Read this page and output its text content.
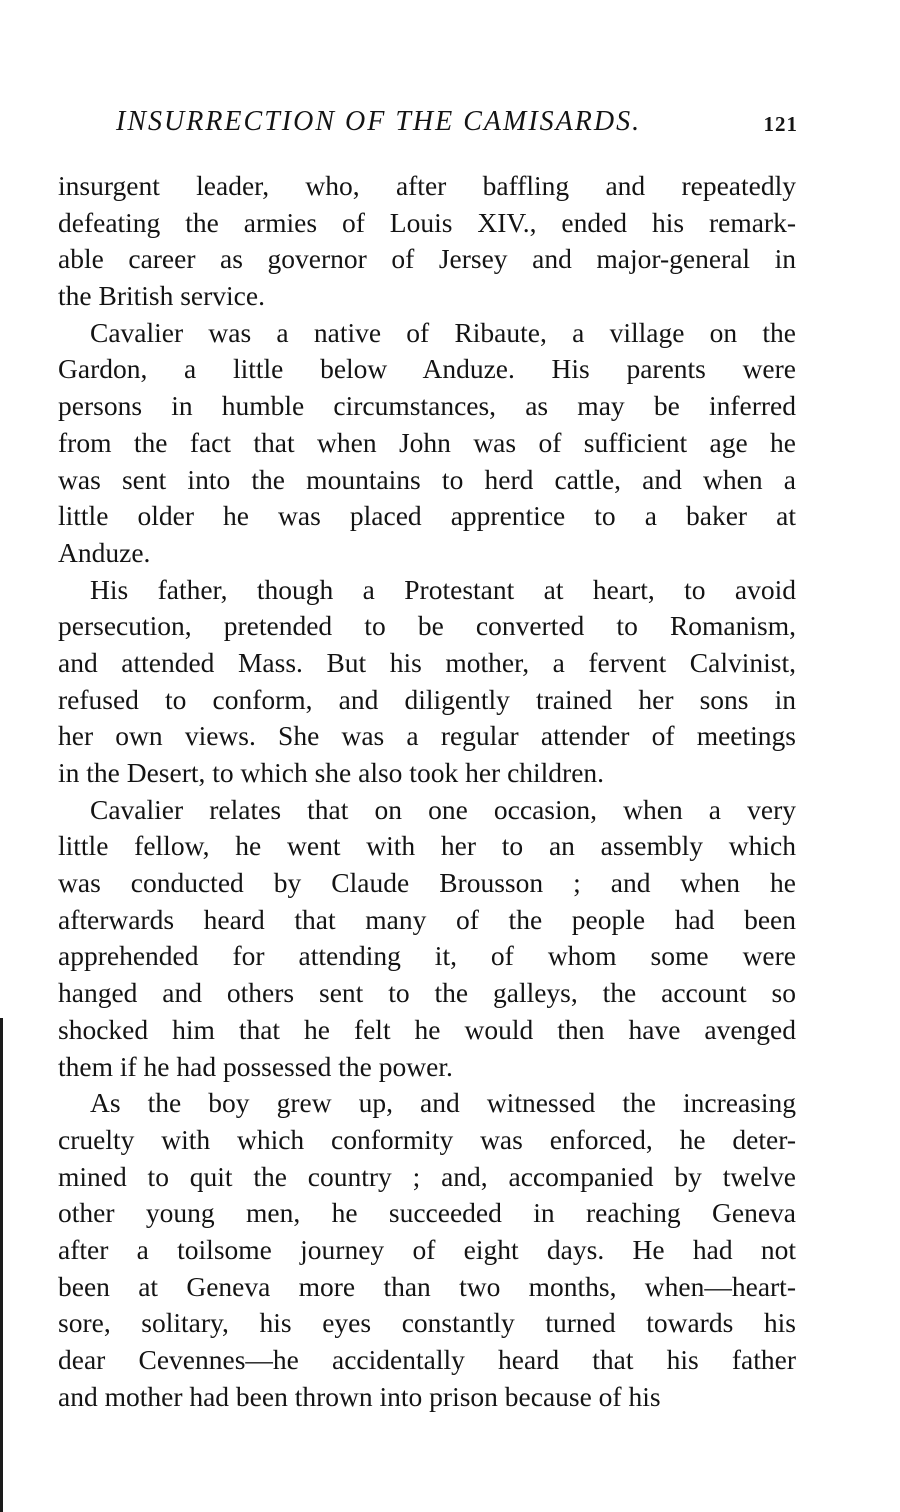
INSURRECTION OF THE CAMISARDS.	121
insurgent leader, who, after baffling and repeatedly
defeating the armies of Louis XIV., ended his remark-
able career as governor of Jersey and major-general in
the British service.
Cavalier was a native of Ribaute, a village on the
Gardon, a little below Anduze. His parents were
persons in humble circumstances, as may be inferred
from the fact that when John was of sufficient age he
was sent into the mountains to herd cattle, and when a
little older he was placed apprentice to a baker at
Anduze.
His father, though a Protestant at heart, to avoid
persecution, pretended to be converted to Romanism,
and attended Mass. But his mother, a fervent Calvinist,
refused to conform, and diligently trained her sons in
her own views. She was a regular attender of meetings
in the Desert, to which she also took her children.
Cavalier relates that on one occasion, when a very
little fellow, he went with her to an assembly which
was conducted by Claude Brousson ; and when he
afterwards heard that many of the people had been
apprehended for attending it, of whom some were
hanged and others sent to the galleys, the account so
shocked him that he felt he would then have avenged
them if he had possessed the power.
As the boy grew up, and witnessed the increasing
cruelty with which conformity was enforced, he deter-
mined to quit the country ; and, accompanied by twelve
other young men, he succeeded in reaching Geneva
after a toilsome journey of eight days. He had not
been at Geneva more than two months, when—heart-
sore, solitary, his eyes constantly turned towards his
dear Cevennes—he accidentally heard that his father
and mother had been thrown into prison because of his
